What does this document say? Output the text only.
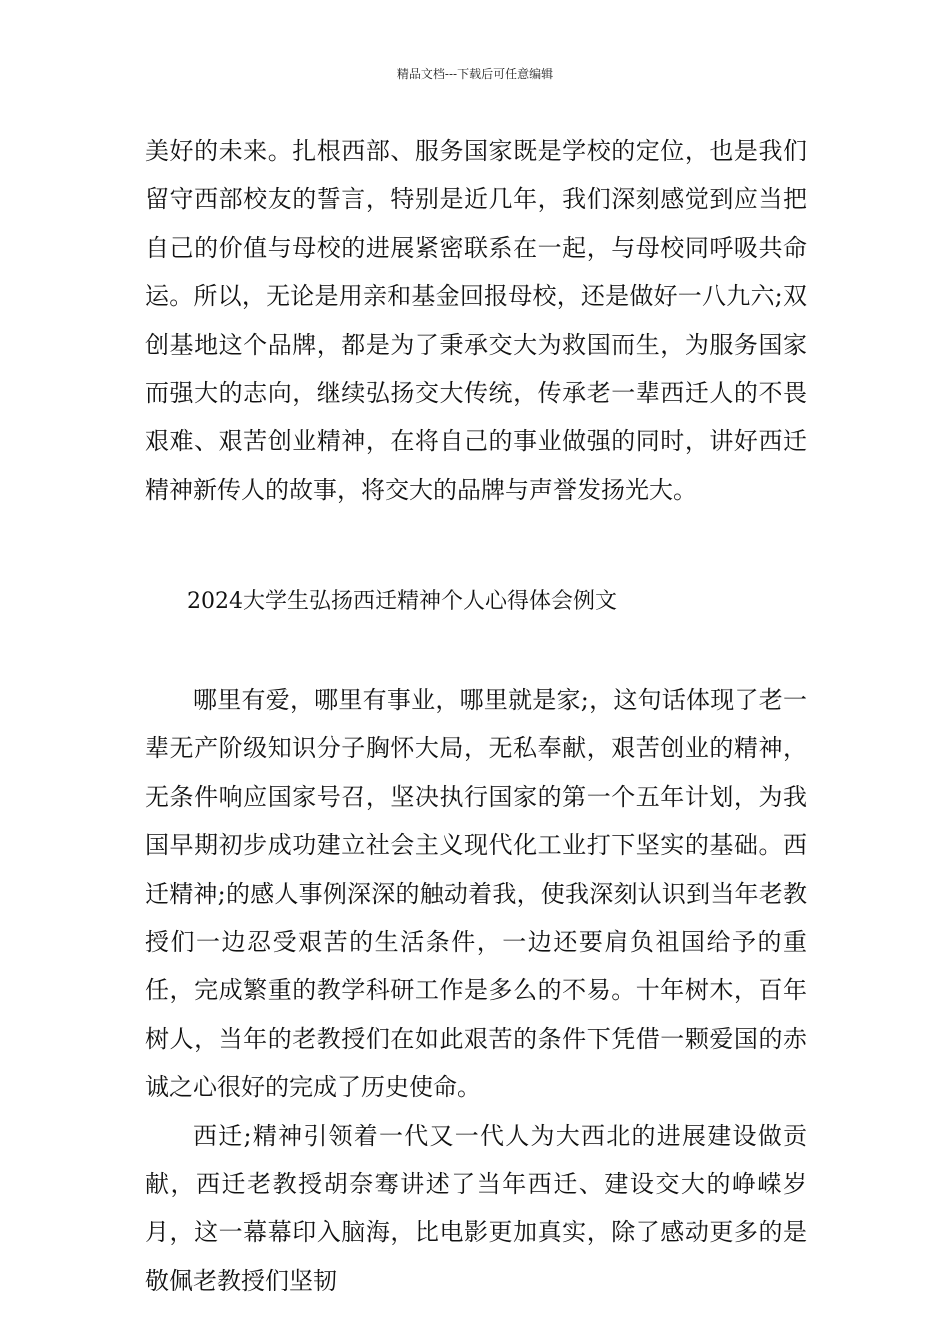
精品文档---下载后可任意编辑

美好的未来。扎根西部、服务国家既是学校的定位，也是我们留守西部校友的誓言，特别是近几年，我们深刻感觉到应当把自己的价值与母校的进展紧密联系在一起，与母校同呼吸共命运。所以，无论是用亲和基金回报母校，还是做好一八九六;双创基地这个品牌，都是为了秉承交大为救国而生，为服务国家而强大的志向，继续弘扬交大传统，传承老一辈西迁人的不畏艰难、艰苦创业精神，在将自己的事业做强的同时，讲好西迁精神新传人的故事，将交大的品牌与声誉发扬光大。

2024大学生弘扬西迁精神个人心得体会例文

哪里有爱，哪里有事业，哪里就是家;，这句话体现了老一辈无产阶级知识分子胸怀大局，无私奉献，艰苦创业的精神，无条件响应国家号召，坚决执行国家的第一个五年计划，为我国早期初步成功建立社会主义现代化工业打下坚实的基础。西迁精神;的感人事例深深的触动着我，使我深刻认识到当年老教授们一边忍受艰苦的生活条件，一边还要肩负祖国给予的重任，完成繁重的教学科研工作是多么的不易。十年树木，百年树人，当年的老教授们在如此艰苦的条件下凭借一颗爱国的赤诚之心很好的完成了历史使命。

西迁;精神引领着一代又一代人为大西北的进展建设做贡献，西迁老教授胡奈骞讲述了当年西迁、建设交大的峥嵘岁月，这一幕幕印入脑海，比电影更加真实，除了感动更多的是敬佩老教授们坚韧
